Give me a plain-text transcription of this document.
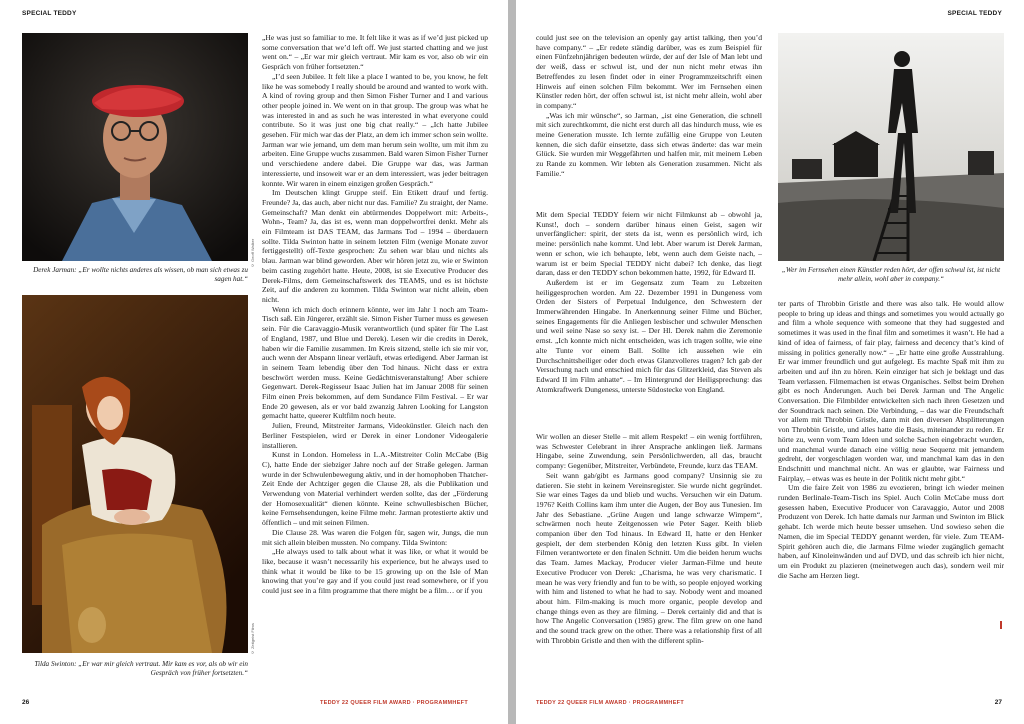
SPECIAL TEDDY
© Geoff Walker
Derek Jarman: „Er wollte nichts anderes als wissen, ob man sich etwas zu sagen hat.“
© Zeitgeist Films
Tilda Swinton: „Er war mir gleich vertraut. Mir kam es vor, als ob wir ein Gespräch von früher fortsetzten.“

„He was just so familiar to me. It felt like it was as if we’d just picked up some conversation that we’d left off. We just started chatting and we just went on.“ – „Er war mir gleich vertraut. Mir kam es vor, also ob wir ein Gespräch von früher fortsetzten.“

„I’d seen Jubilee. It felt like a place I wanted to be, you know, he felt like he was somebody I really should be around and wanted to work with. A kind of roving group and then Simon Fisher Turner and I and various other people joined in. We went on in that group. The group was what he was interested in and as such he was interested in what everyone could contribute. So it was just one big chat really.“ – „Ich hatte Jubilee gesehen. Für mich war das der Platz, an dem ich immer schon sein wollte. Jarman war wie jemand, um dem man herum sein wollte, um mit ihm zu arbeiten. Eine Gruppe wuchs zusammen. Bald waren Simon Fisher Turner und verschiedene andere dabei. Die Gruppe war das, was Jarman interessierte, und insoweit war er an dem interessiert, was jeder beitragen konnte. Wir waren in einem einzigen großen Gespräch.“

Im Deutschen klingt Gruppe steif. Ein Etikett drauf und fertig. Freunde? Ja, das auch, aber nicht nur das. Familie? Zu straight, der Name. Gemeinschaft? Man denkt ein abtürmendes Doppelwort mit: Arbeits-, Wohn-, Team? Ja, das ist es, wenn man doppelwortfrei denkt. Mehr als ein Filmteam ist DAS TEAM, das Jarmans Tod – 1994 – überdauern sollte. Tilda Swinton hatte in seinem letzten Film (wenige Monate zuvor fertiggestellt) off-Texte gesprochen: Zu sehen war blau und nichts als blau. Jarman war blind geworden. Aber wir hören jetzt zu, wie er Swinton beim casting zugehört hatte. Heute, 2008, ist sie Executive Producer des Derek-Films, dem Gemeinschaftswerk des TEAMS, und es ist höchste Zeit, auf die anderen zu kommen. Tilda Swinton war nicht allein, eben nicht.

Wenn ich mich doch erinnern könnte, wer im Jahr 1 noch am Team-Tisch saß. Ein Jüngerer, erzählt sie. Simon Fisher Turner muss es gewesen sein. Für die Caravaggio-Musik verantwortlich (und später für The Last of England, 1987, und Blue und Derek). Lesen wir die credits in Derek, haben wir die Familie zusammen. Im Kreis sitzend, stelle ich sie mir vor, auch wenn der Abspann linear verläuft, etwas erledigend. Aber Jarman ist in seinem Team lebendig über den Tod hinaus. Nicht dass er extra beschwört werden muss. Keine Gedächtnisveranstaltung! Aber schiere Gegenwart. Derek-Regisseur Isaac Julien hat im Januar 2008 für seinen Film einen Preis bekommen, auf dem Sundance Film Festival. – Er war Ende 20 gewesen, als er vor bald zwanzig Jahren Looking for Langston gemacht hatte, queerer Kultfilm noch heute.

Julien, Freund, Mitstreiter Jarmans, Videokünstler. Gleich nach den Berliner Festspielen, wird er Derek in einer Londoner Videogalerie installieren.

Kunst in London. Homeless in L.A.-Mitstreiter Colin McCabe (Big C), hatte Ende der siebziger Jahre noch auf der Straße gelegen. Jarman wurde in der Schwulenbewegung aktiv, und in der homophoben Thatcher-Zeit Ende der Achtziger gegen die Clause 28, als die Publikation und Verwendung von Material verhindert werden sollte, das der „Förderung der Homosexualität“ dienen könnte. Keine schwullesbischen Bücher, keine Fernsehsendungen, keine Filme mehr. Jarman protestierte aktiv und öffentlich – und mit seinen Filmen.

Die Clause 28. Was waren die Folgen für, sagen wir, Jungs, die nun mit sich allein bleiben mussten. No company. Tilda Swinton:

„He always used to talk about what it was like, or what it would be like, because it wasn’t necessarily his experience, but he always used to think what it would be like to be 15 growing up on the Isle of Man knowing that you’re gay and if you could just read somewhere, or if you could just see in a film programme that there might be a film… or if you

26	TEDDY 22 QUEER FILM AWARD · PROGRAMMHEFT
SPECIAL TEDDY

could just see on the television an openly gay artist talking, then you’d have company.“ – „Er redete ständig darüber, was es zum Beispiel für einen Fünfzehnjährigen bedeuten würde, der auf der Isle of Man lebt und der weiß, dass er schwul ist, und der nun nicht mehr etwas ihn Betreffendes zu lesen findet oder in einer Programmzeitschrift einen Hinweis auf einen solchen Film bekommt. Wer im Fernsehen einen Künstler reden hört, der offen schwul ist, ist nicht mehr allein, wohl aber in company.“

„Was ich mir wünsche“, so Jarman, „ist eine Generation, die schnell mit sich zurechtkommt, die nicht erst durch all das hindurch muss, wie es meine Generation musste. Ich lernte zufällig eine Gruppe von Leuten kennen, die sich dafür einsetzte, dass sich etwas änderte: das war mein Glück. Sie wurden mir Weggefährten und halfen mir, mit meinem Leben zu Rande zu kommen. Wir lebten als Generation zusammen. Nicht als Familie.“

Mit dem Special TEDDY feiern wir nicht Filmkunst ab – obwohl ja, Kunst!, doch – sondern darüber hinaus einen Geist, sagen wir unverfänglicher: spirit, der stets da ist, wenn es persönlich wird, ich meine: persönlich nahe kommt. Und lebt. Aber warum ist Derek Jarman, wenn er schon, wie ich behaupte, lebt, wenn auch dem Geiste nach, – warum ist er beim Special TEDDY nicht dabei? Ich denke, das liegt daran, dass er den TEDDY schon bekommen hatte, 1992, für Edward II.

Außerdem ist er im Gegensatz zum Team zu Lebzeiten heiliggesprochen worden. Am 22. Dezember 1991 in Dungeness vom Orden der Sisters of Perpetual Indulgence, den Schwestern der Immerwährenden Hingabe. In Anerkennung seiner Filme und Bücher, seines Engagements für die Anliegen lesbischer und schwuler Menschen und weil seine Nase so sexy ist. – Der Hl. Derek nahm die Zeremonie ernst. „Ich konnte mich nicht entscheiden, was ich tragen sollte, wie eine alte Tunte vor einem Ball. Sollte ich aussehen wie ein Durchschnittsheiliger oder doch etwas Glanzvolleres tragen? Ich gab der Versuchung nach und entschied mich für das Glitzerkleid, das Steven als Edward II im Film anhatte“. – Im Hintergrund der Heiligsprechung: das Atomkraftwerk Dungeness, unterste Südostecke von England.

Wir wollen an dieser Stelle – mit allem Respekt! – ein wenig fortführen, was Schwester Celebrant in ihrer Ansprache anklingen ließ. Jarmans Hingabe, seine Zuwendung, sein Persönlichwerden, all das, braucht company: Gegenüber, Mitstreiter, Verbündete, Freunde, kurz das TEAM.

Seit wann gab/gibt es Jarmans good company? Unsinnig sie zu datieren. Sie steht in keinem Vereinsregister. Sie wurde nicht gegründet. Sie war eines Tages da und blieb und wuchs. Versuchen wir ein Datum. 1976? Keith Collins kam ihm unter die Augen, der Boy aus Tunesien. Im Jahr des Sebastiane. „Grüne Augen und lange schwarze Wimpern“, schwärmen noch heute Zeitgenossen wie Peter Sager. Keith blieb companion über den Tod hinaus. In Edward II, hatte er den Henker gespielt, der dem sterbenden König den letzten Kuss gibt. In vielen Filmen verantwortete er den finalen Schnitt. Um die beiden herum wuchs das Team. James Mackay, Producer vieler Jarman-Filme und heute Executive Producer von Derek: „Charisma, he was very charismatic. I mean he was very friendly and fun to be with, so people enjoyed working with him and listened to what he had to say. Nobody went and moaned about him. Film-making is much more organic, people develop and change things even as they are filming. – Derek certainly did and that is how The Angelic Conversation (1985) grew. The film grew on one hand and the sound track grew on the other. There was a relationship first of all with Throbbin Gristle and then with the different splin-

„Wer im Fernsehen einen Künstler reden hört, der offen schwul ist, ist nicht mehr allein, wohl aber in company.“

ter parts of Throbbin Gristle and there was also talk. He would allow people to bring up ideas and things and sometimes you would actually go and film a whole sequence with someone that they had suggested and sometimes it was used in the final film and sometimes it wasn’t. He had a kind of idea of fairness, of fair play, fairness and decency that’s kind of missing in politics generally now.“ – „Er hatte eine große Ausstrahlung. Er war immer freundlich und gut aufgelegt. Es machte Spaß mit ihm zu arbeiten und auf ihn zu hören. Kein einziger hat sich je beklagt und das Team verlassen. Filmemachen ist etwas Organisches. Selbst beim Drehen gibt es noch Änderungen. Auch bei Derek Jarman und The Angelic Conversation. Die Filmbilder entwickelten sich nach ihren Gesetzen und der Soundtrack nach seinen. Die Verbindung, – das war die Freundschaft vor allem mit Throbbin Gristle, dann mit den diversen Absplitterungen von Throbbin Gristle, und alles hatte die Basis, miteinander zu reden. Er hörte zu, wenn vom Team Ideen und solche Sachen eingebracht wurden, und manchmal wurde danach eine völlig neue Sequenz mit jemandem gedreht, der vorgeschlagen worden war, und manchmal kam das in den Endschnitt und manchmal nicht. An was er glaubte, war Fairness und Fairplay, – etwas was es heute in der Politik nicht mehr gibt.“

Um die faire Zeit von 1986 zu evozieren, bringt ich wieder meinen runden Berlinale-Team-Tisch ins Spiel. Auch Colin McCabe muss dort gesessen haben, Executive Producer von Caravaggio, Autor und 2008 Produzent von Derek. Ich hatte damals nur Jarman und Swinton im Blick gehabt. Ich werde mich heute besser umsehen. Und sowieso sehen die Namen, die im Special TEDDY genannt werden, für viele. Zum TEAM-Spirit gehören auch die, die Jarmans Filme wieder zugänglich gemacht haben, auf Kinoleinwänden und auf DVD, und das schreib ich hier nicht, um ein Produkt zu plazieren (meinetwegen auch das), sondern weil mir die Sache am Herzen liegt.

TEDDY 22 QUEER FILM AWARD · PROGRAMMHEFT	27
